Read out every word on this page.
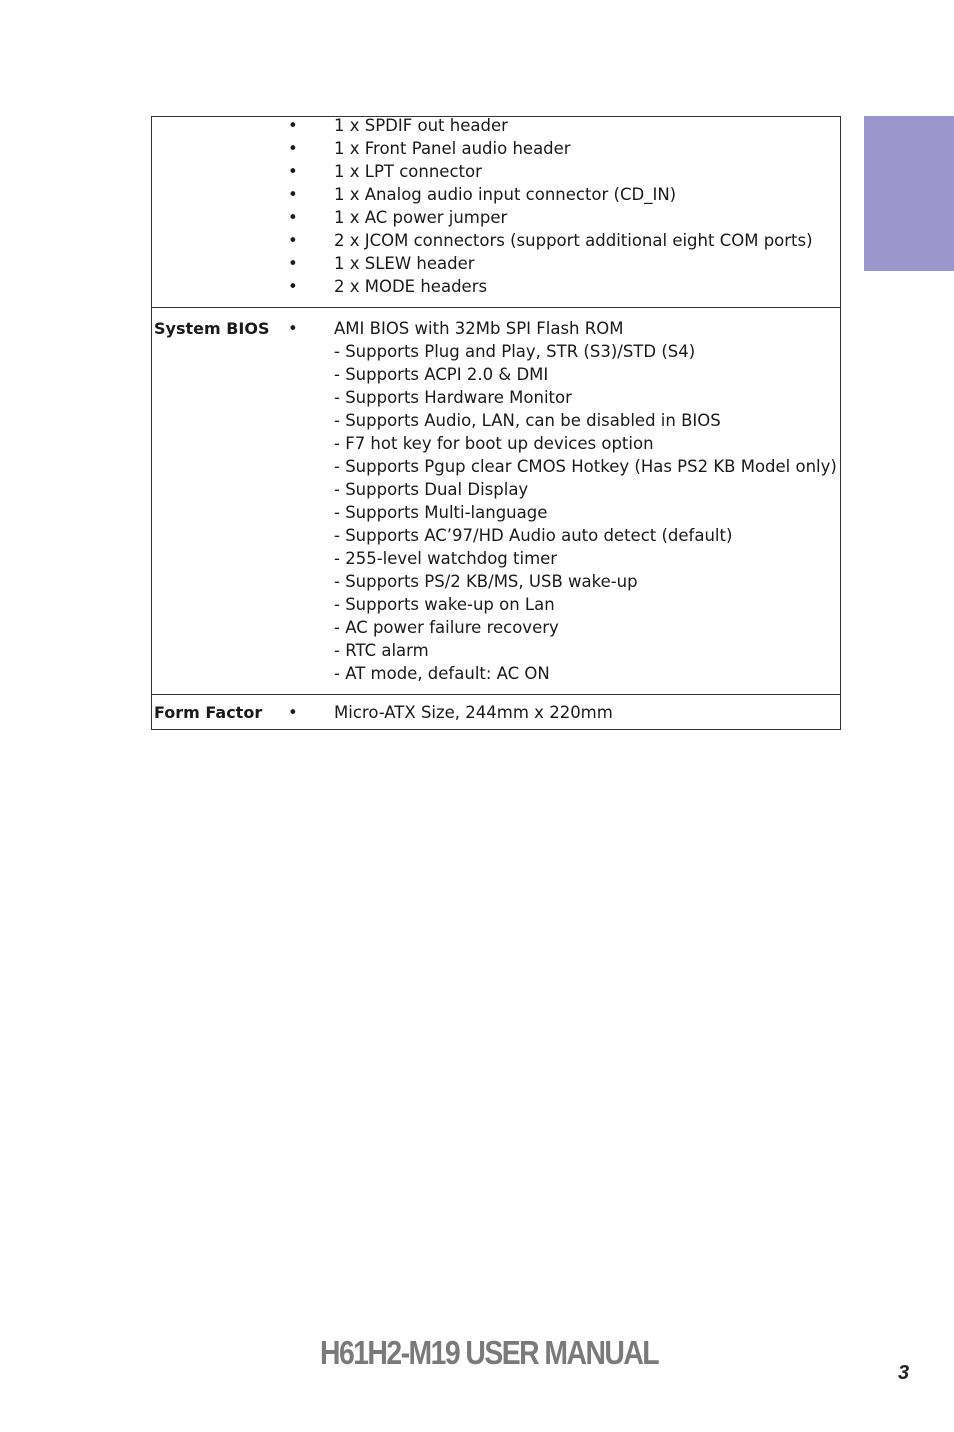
• 1 x SPDIF out header
• 1 x Front Panel audio header
• 1 x LPT connector
• 1 x Analog audio input connector (CD_IN)
• 1 x AC power jumper
• 2 x JCOM connectors (support additional eight COM ports)
• 1 x SLEW header
• 2 x MODE headers
System BIOS • AMI BIOS with 32Mb SPI Flash ROM
- Supports Plug and Play, STR (S3)/STD (S4)
- Supports ACPI 2.0 & DMI
- Supports Hardware Monitor
- Supports Audio, LAN, can be disabled in BIOS
- F7 hot key for boot up devices option
- Supports Pgup clear CMOS Hotkey (Has PS2 KB Model only)
- Supports Dual Display
- Supports Multi-language
- Supports AC’97/HD Audio auto detect (default)
- 255-level watchdog timer
- Supports PS/2 KB/MS, USB wake-up
- Supports wake-up on Lan
- AC power failure recovery
- RTC alarm
- AT mode, default: AC ON
Form Factor • Micro-ATX Size, 244mm x 220mm
H61H2-M19 USER MANUAL
3
